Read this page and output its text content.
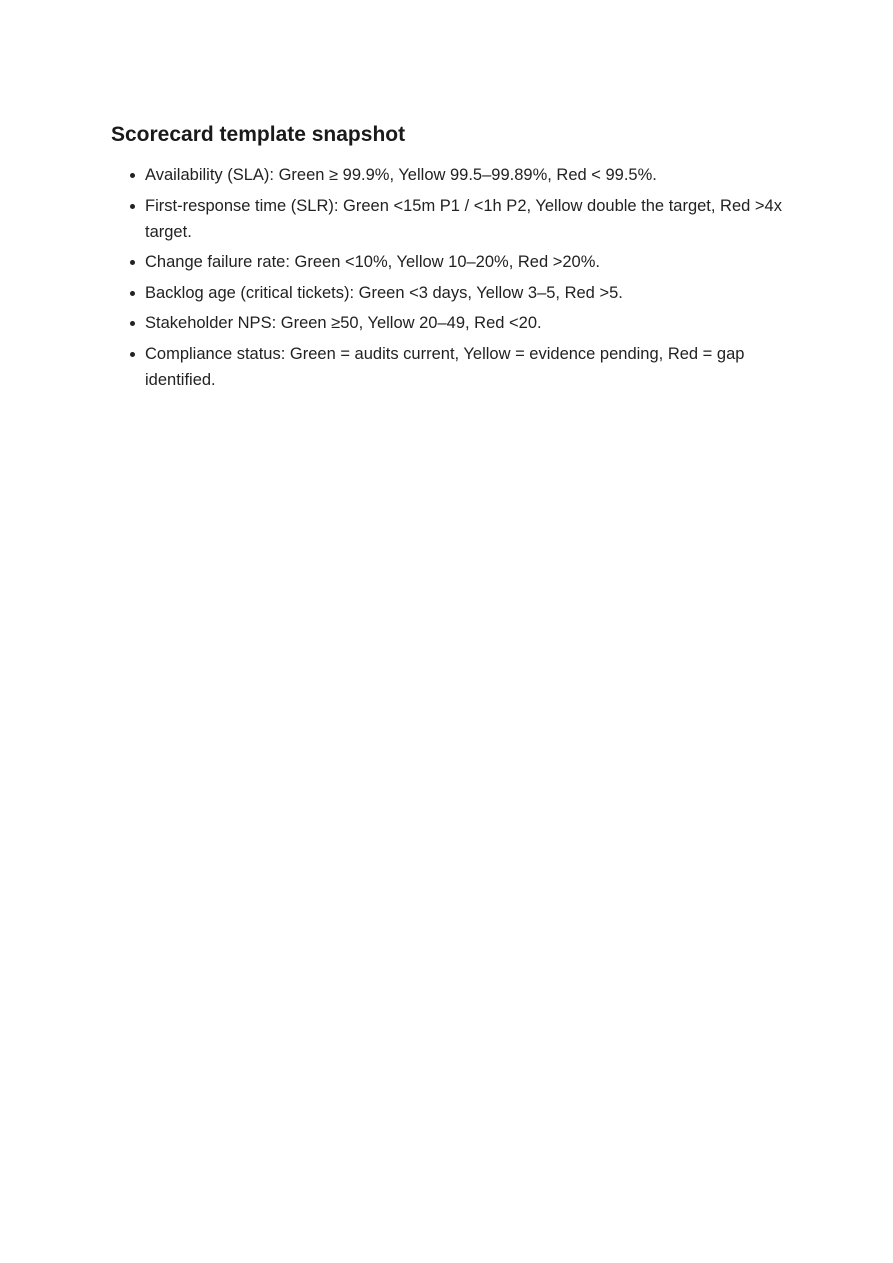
Scorecard template snapshot
Availability (SLA): Green ≥ 99.9%, Yellow 99.5–99.89%, Red < 99.5%.
First-response time (SLR): Green <15m P1 / <1h P2, Yellow double the target, Red >4x target.
Change failure rate: Green <10%, Yellow 10–20%, Red >20%.
Backlog age (critical tickets): Green <3 days, Yellow 3–5, Red >5.
Stakeholder NPS: Green ≥50, Yellow 20–49, Red <20.
Compliance status: Green = audits current, Yellow = evidence pending, Red = gap identified.
